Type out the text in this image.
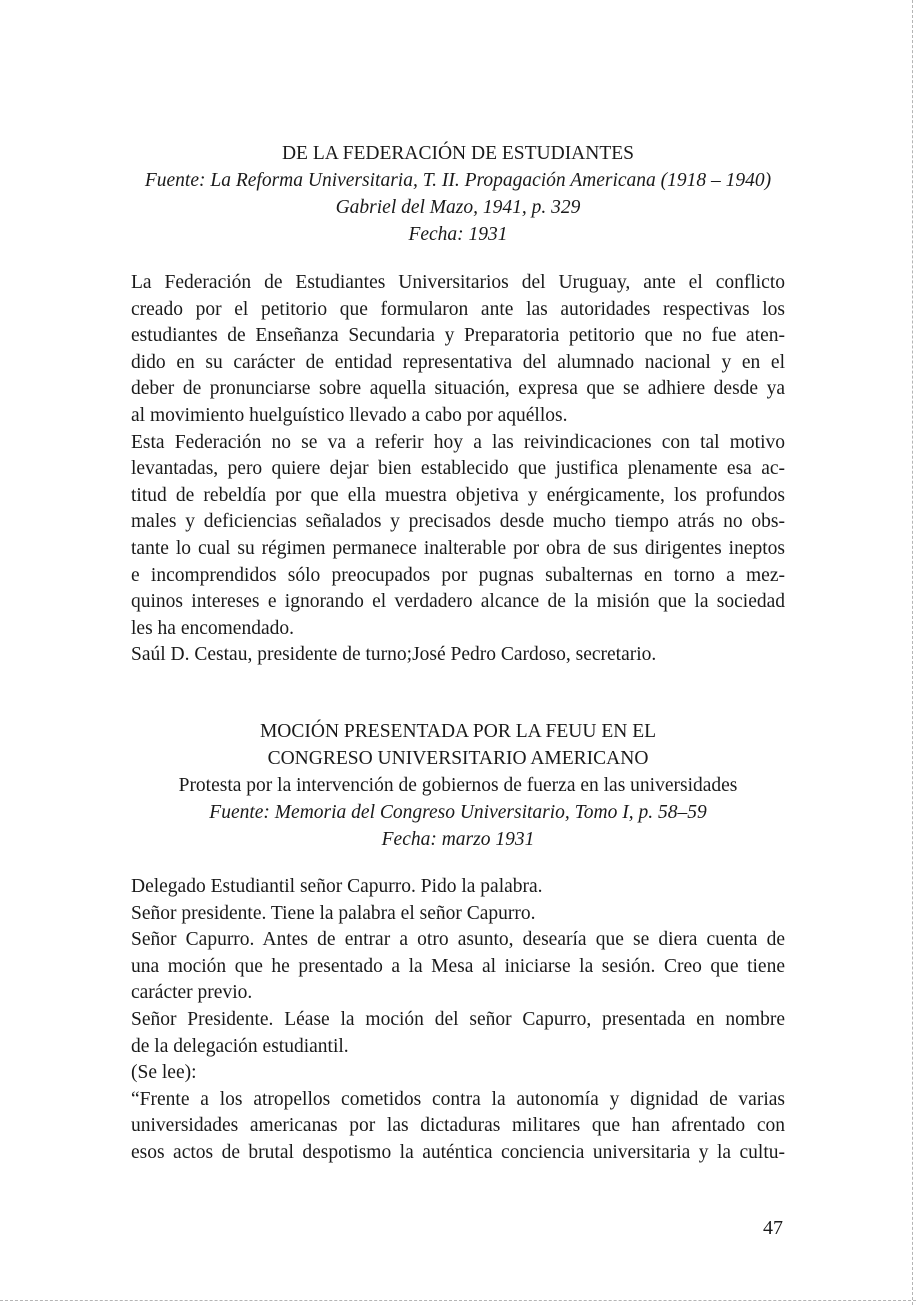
DE LA FEDERACIÓN DE ESTUDIANTES
Fuente: La Reforma Universitaria, T. II. Propagación Americana (1918 – 1940)
Gabriel del Mazo, 1941, p. 329
Fecha: 1931
La Federación de Estudiantes Universitarios del Uruguay, ante el conflicto
creado por el petitorio que formularon ante las autoridades respectivas los
estudiantes de Enseñanza Secundaria y Preparatoria petitorio que no fue aten-
dido en su carácter de entidad representativa del alumnado nacional y en el
deber de pronunciarse sobre aquella situación, expresa que se adhiere desde ya
al movimiento huelguístico llevado a cabo por aquéllos.
Esta Federación no se va a referir hoy a las reivindicaciones con tal motivo
levantadas, pero quiere dejar bien establecido que justifica plenamente esa ac-
titud de rebeldía por que ella muestra objetiva y enérgicamente, los profundos
males y deficiencias señalados y precisados desde mucho tiempo atrás no obs-
tante lo cual su régimen permanece inalterable por obra de sus dirigentes ineptos
e incomprendidos sólo preocupados por pugnas subalternas en torno a mez-
quinos intereses e ignorando el verdadero alcance de la misión que la sociedad
les ha encomendado.
Saúl D. Cestau, presidente de turno;José Pedro Cardoso, secretario.
MOCIÓN PRESENTADA POR LA FEUU EN EL
CONGRESO UNIVERSITARIO AMERICANO
Protesta por la intervención de gobiernos de fuerza en las universidades
Fuente: Memoria del Congreso Universitario, Tomo I, p. 58–59
Fecha: marzo 1931
Delegado Estudiantil señor Capurro. Pido la palabra.
Señor presidente. Tiene la palabra el señor Capurro.
Señor Capurro. Antes de entrar a otro asunto, desearía que se diera cuenta de
una moción que he presentado a la Mesa al iniciarse la sesión. Creo que tiene
carácter previo.
Señor Presidente. Léase la moción del señor Capurro, presentada en nombre
de la delegación estudiantil.
(Se lee):
“Frente a los atropellos cometidos contra la autonomía y dignidad de varias
universidades americanas por las dictaduras militares que han afrentado con
esos actos de brutal despotismo la auténtica conciencia universitaria y la cultu-
47
